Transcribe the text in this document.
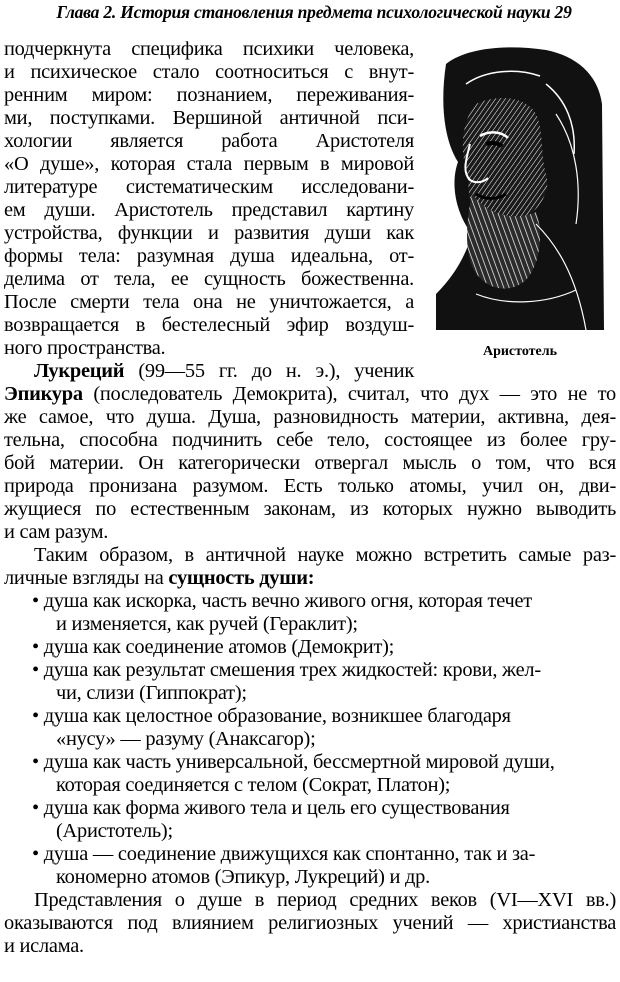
Глава 2. История становления предмета психологической науки 29
Аристотель
подчеркнута специфика психики человека,
и психическое стало соотноситься с внут-
ренним миром: познанием, переживания-
ми, поступками. Вершиной античной пси-
хологии является работа Аристотеля
«О душе», которая стала первым в мировой
литературе систематическим исследовани-
ем души. Аристотель представил картину
устройства, функции и развития души как
формы тела: разумная душа идеальна, от-
делима от тела, ее сущность божественна.
После смерти тела она не уничтожается, а
возвращается в бестелесный эфир воздуш-
ного пространства.
Лукреций (99—55 гг. до н. э.), ученик
Эпикура (последователь Демокрита), считал, что дух — это не то
же самое, что душа. Душа, разновидность материи, активна, дея-
тельна, способна подчинить себе тело, состоящее из более гру-
бой материи. Он категорически отвергал мысль о том, что вся
природа пронизана разумом. Есть только атомы, учил он, дви-
жущиеся по естественным законам, из которых нужно выводить
и сам разум.
Таким образом, в античной науке можно встретить самые раз-
личные взгляды на сущность души:
• душа как искорка, часть вечно живого огня, которая течет
и изменяется, как ручей (Гераклит);
• душа как соединение атомов (Демокрит);
• душа как результат смешения трех жидкостей: крови, жел-
чи, слизи (Гиппократ);
• душа как целостное образование, возникшее благодаря
«нусу» — разуму (Анаксагор);
• душа как часть универсальной, бессмертной мировой души,
которая соединяется с телом (Сократ, Платон);
• душа как форма живого тела и цель его существования
(Аристотель);
• душа — соединение движущихся как спонтанно, так и за-
кономерно атомов (Эпикур, Лукреций) и др.
Представления о душе в период средних веков (VI—XVI вв.)
оказываются под влиянием религиозных учений — христианства
и ислама.
